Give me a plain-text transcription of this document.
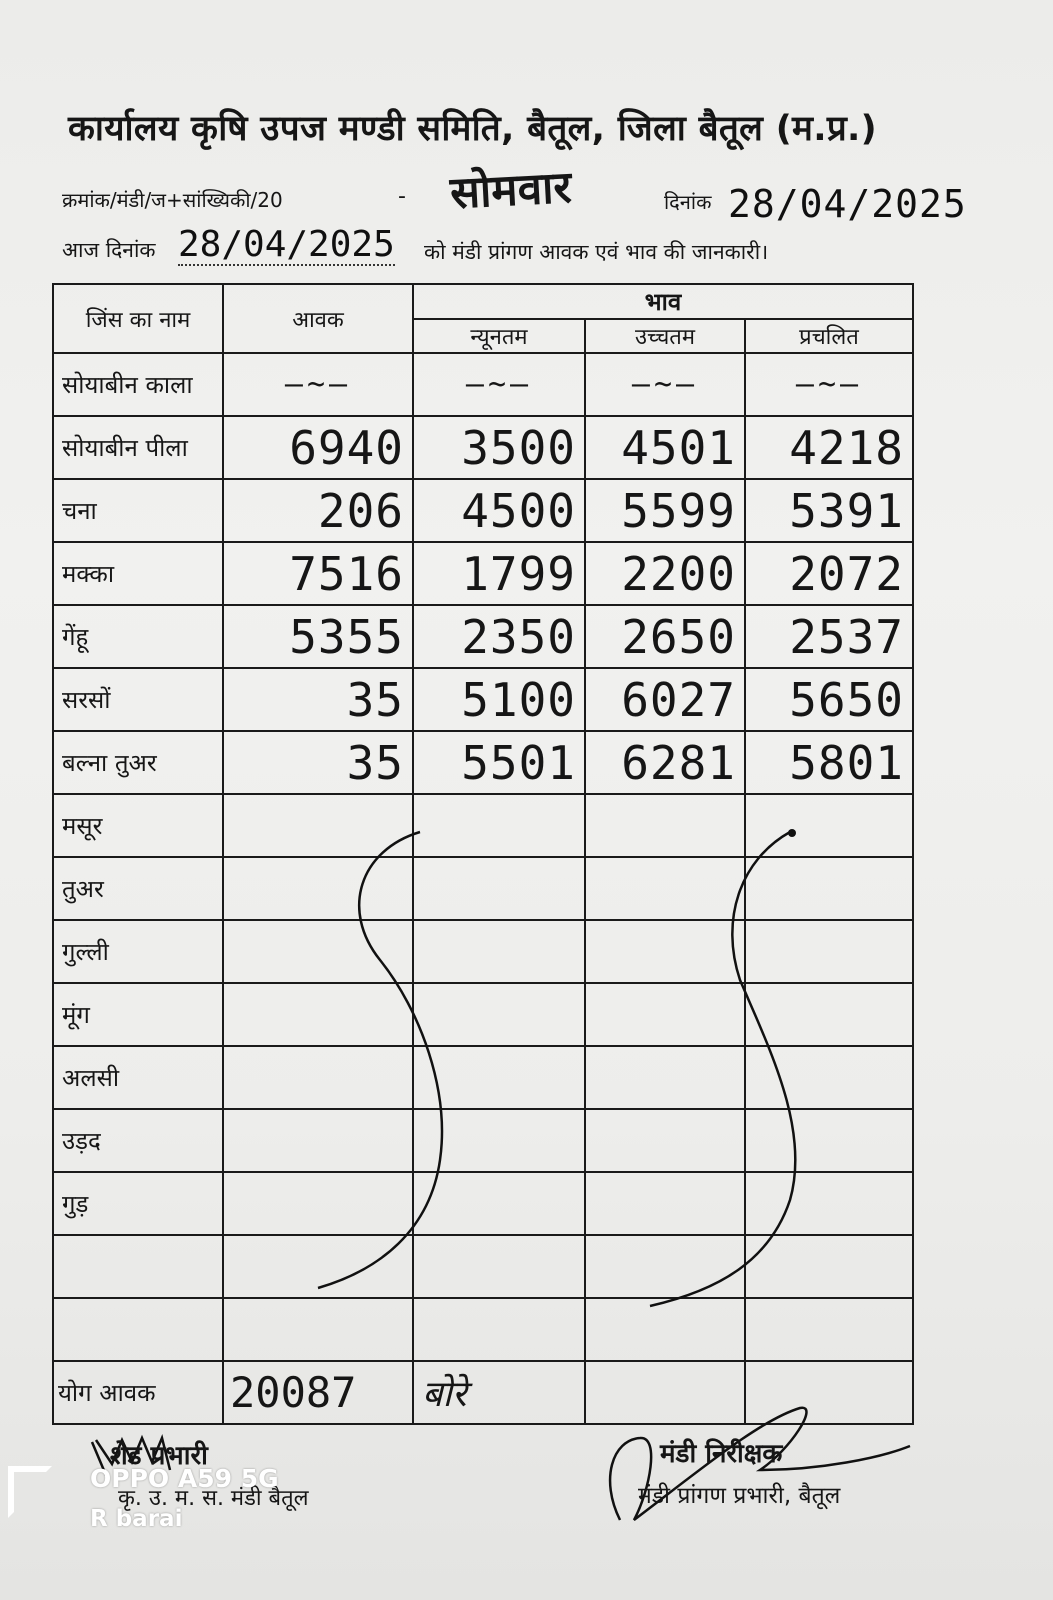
कार्यालय कृषि उपज मण्डी समिति, बैतूल, जिला बैतूल (म.प्र.)
क्रमांक/मंडी/ज+सांख्यिकी/20	- सोमवार	दिनांक 28/04/2025
आज दिनांक 28/04/2025 को मंडी प्रांगण आवक एवं भाव की जानकारी।
जिंस का नाम	आवक	भाव		
		न्यूनतम	उच्चतम	प्रचलित
सोयाबीन काला	—~—	—~—	—~—	—~—
सोयाबीन पीला	6940	3500	4501	4218
चना	206	4500	5599	5391
मक्का	7516	1799	2200	2072
गेंहू	5355	2350	2650	2537
सरसों	35	5100	6027	5650
बल्ना तुअर	35	5501	6281	5801
मसूर				
तुअर				
गुल्ली				
मूंग				
अलसी				
उड़द				
गुड़				

योग आवक	20087	बोरे		
शेड प्रभारी
कृ. उ. म. स. मंडी बैतूल
मंडी निरीक्षक
मंडी प्रांगण प्रभारी, बैतूल
OPPO A59 5G
R barai
